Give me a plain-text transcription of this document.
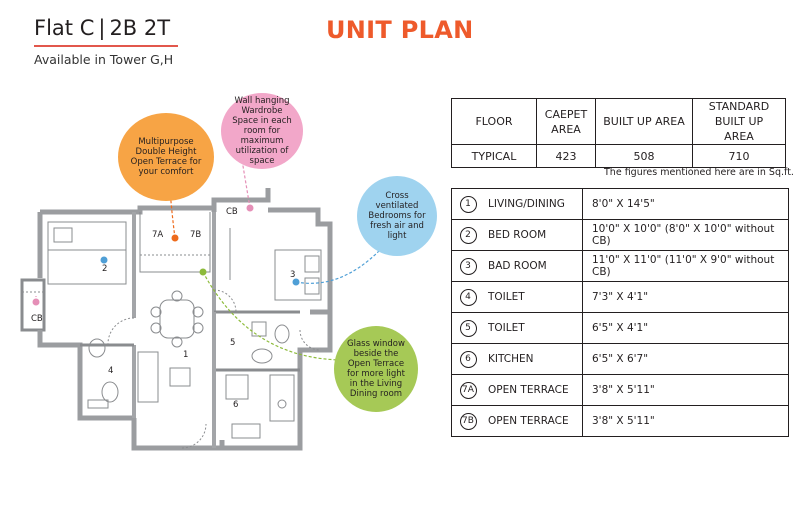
Flat C | 2B 2T
Available in Tower G,H
UNIT PLAN
2
3
1
4
5
6
7A	7B
CB
CB
Multipurpose Double Height Open Terrace for your comfort
Wall hanging Wardrobe Space in each room for maximum utilization of space
Cross ventilated Bedrooms for fresh air and light
Glass window beside the Open Terrace for more light in the Living Dining room
FLOOR	CAEPET AREA	BUILT UP AREA	STANDARD BUILT UP AREA
TYPICAL	423	508	710
The figures mentioned here are in Sq.ft.
1	LIVING/DINING	8'0" X 14'5"
2	BED ROOM	10'0" X 10'0" (8'0" X 10'0" without CB)
3	BAD ROOM	11'0" X 11'0" (11'0" X 9'0" without CB)
4	TOILET	7'3" X 4'1"
5	TOILET	6'5" X 4'1"
6	KITCHEN	6'5" X 6'7"
7A	OPEN TERRACE	3'8" X 5'11"
7B	OPEN TERRACE	3'8" X 5'11"
